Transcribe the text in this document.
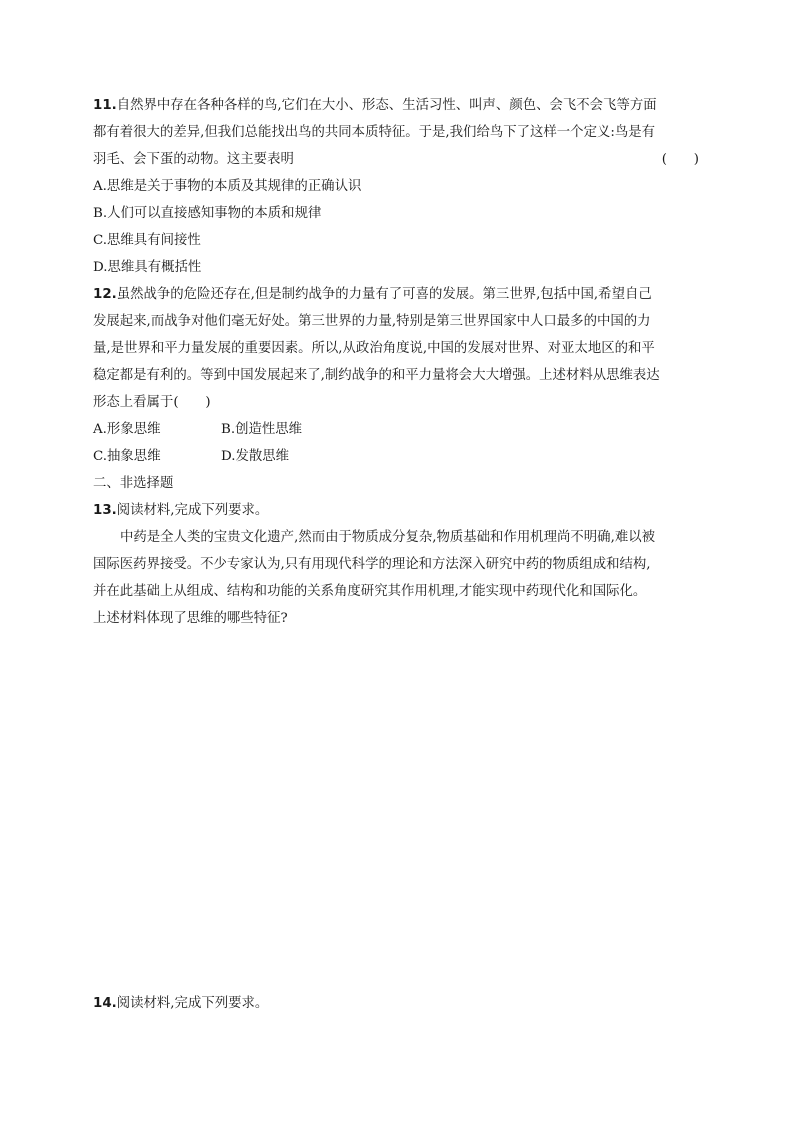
11.自然界中存在各种各样的鸟,它们在大小、形态、生活习性、叫声、颜色、会飞不会飞等方面
都有着很大的差异,但我们总能找出鸟的共同本质特征。于是,我们给鸟下了这样一个定义:鸟是有
羽毛、会下蛋的动物。这主要表明	(　　)
A.思维是关于事物的本质及其规律的正确认识
B.人们可以直接感知事物的本质和规律
C.思维具有间接性
D.思维具有概括性
12.虽然战争的危险还存在,但是制约战争的力量有了可喜的发展。第三世界,包括中国,希望自己
发展起来,而战争对他们毫无好处。第三世界的力量,特别是第三世界国家中人口最多的中国的力
量,是世界和平力量发展的重要因素。所以,从政治角度说,中国的发展对世界、对亚太地区的和平
稳定都是有利的。等到中国发展起来了,制约战争的和平力量将会大大增强。上述材料从思维表达
形态上看属于(　　)
A.形象思维	B.创造性思维
C.抽象思维	D.发散思维
二、非选择题
13.阅读材料,完成下列要求。
中药是全人类的宝贵文化遗产,然而由于物质成分复杂,物质基础和作用机理尚不明确,难以被
国际医药界接受。不少专家认为,只有用现代科学的理论和方法深入研究中药的物质组成和结构,
并在此基础上从组成、结构和功能的关系角度研究其作用机理,才能实现中药现代化和国际化。
上述材料体现了思维的哪些特征?
14.阅读材料,完成下列要求。
